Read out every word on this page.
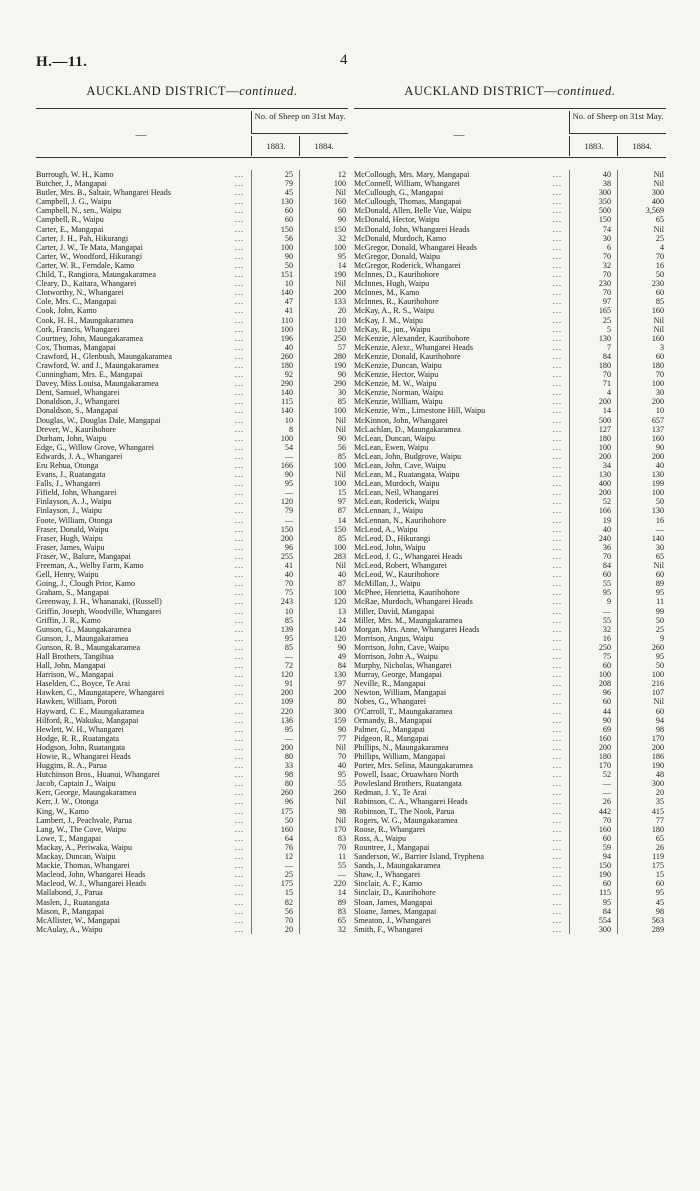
H.—11.	4
AUCKLAND DISTRICT—continued.
—
No. of Sheep on 31st May.
1883.	1884.
Burrough, W. H., Kamo	...	25	12
Butcher, J., Mangapai	...	79	100
Butler, Mrs. B., Saltair, Whangarei Heads	...	45	Nil
Campbell, J. G., Waipu	...	130	160
Campbell, N., sen., Waipu	...	60	60
Campbell, R., Waipu	...	60	90
Carter, E., Mangapai	...	150	150
Carter, J. H., Pah, Hikurangi	...	56	32
Carter, J. W., Te Mata, Mangapai	...	100	100
Carter, W., Woodford, Hikurangi	...	90	95
Carter, W. R., Ferndale, Kamo	...	50	14
Child, T., Rangiora, Maungakaramea	...	151	190
Cleary, D., Kaitara, Whangarei	...	10	Nil
Clotworthy, N., Whangarei	...	140	200
Cole, Mrs. C., Mangapai	...	47	133
Cook, John, Kamo	...	41	20
Cook, H. H., Maungakaramea	...	110	110
Cork, Francis, Whangarei	...	100	120
Courtney, John, Maungakaramea	...	196	250
Cox, Thomas, Mangapai	...	40	57
Crawford, H., Glenbush, Maungakaramea	...	260	280
Crawford, W. and J., Maungakaramea	...	180	190
Cunningham, Mrs. E., Mangapai	...	92	90
Davey, Miss Louisa, Maungakaramea	...	290	290
Dent, Samuel, Whangarei	...	140	30
Donaldson, J., Whangarei	...	115	85
Donaldson, S., Mangapai	...	140	100
Douglas, W., Douglas Dale, Mangapai	...	10	Nil
Drever, W., Kaurihohore	...	8	Nil
Durham, John, Waipu	...	100	90
Edge, G., Willow Grove, Whangarei	...	54	56
Edwards, J. A., Whangarei	...	—	85
Eru Rehua, Otonga	...	166	100
Evans, J., Ruatangata	...	90	Nil
Falls, J., Whangarei	...	95	100
Fifield, John, Whangarei	...	—	15
Finlayson, A. J., Waipu	...	120	97
Finlayson, J., Waipu	...	79	87
Foote, William, Otonga	...	—	14
Fraser, Donald, Waipu	...	150	150
Fraser, Hugh, Waipu	...	200	85
Fraser, James, Waipu	...	96	100
Fraser, W., Balure, Mangapai	...	255	283
Freeman, A., Welby Farm, Kamo	...	41	Nil
Gell, Henry, Waipu	...	40	40
Going, J., Clough Prior, Kamo	...	70	87
Graham, S., Mangapai	...	75	100
Greenway, J. H., Whananaki, (Russell)	...	243	120
Griffin, Joseph, Woodville, Whangarei	...	10	13
Griffin, J. R., Kamo	...	85	24
Gunson, G., Maungakaramea	...	139	140
Gunson, J., Maungakaramea	...	95	120
Gunson, R. B., Maungakaramea	...	85	90
Hall Brothers, Tangihua	...	—	49
Hall, John, Mangapai	...	72	84
Harrison, W., Mangapai	...	120	130
Haselden, C., Boyce, Te Arai	...	91	97
Hawken, C., Maungatapere, Whangarei	...	200	200
Hawken, William, Poroti	...	109	80
Hayward, C. E., Maungakaramea	...	220	300
Hilford, R., Wakuku, Mangapai	...	136	159
Hewlett, W. H., Whangarei	...	95	90
Hodge, R. R., Ruatangata	...	—	77
Hodgson, John, Ruatangata	...	200	Nil
Howie, R., Whangarei Heads	...	80	70
Huggins, R. A., Parua	...	33	40
Hutchinson Bros., Huanui, Whangarei	...	98	95
Jacob, Captain J., Waipu	...	80	55
Kerr, George, Maungakaramea	...	260	260
Kerr, J. W., Otonga	...	96	Nil
King, W., Kamo	...	175	98
Lambert, J., Peachvale, Parua	...	50	Nil
Lang, W., The Cove, Waipu	...	160	170
Lowe, T., Mangapai	...	64	83
Mackay, A., Periwaka, Waipu	...	76	70
Mackay, Duncan, Waipu	...	12	11
Mackie, Thomas, Whangarei	...	—	55
Macleod, John, Whangarei Heads	...	25	—
Macleod, W. J., Whangarei Heads	...	175	220
Mallabond, J., Parua	...	15	14
Maslen, J., Ruatangata	...	82	89
Mason, P., Mangapai	...	56	83
McAllister, W., Mangapai	...	70	65
McAulay, A., Waipu	...	20	32
AUCKLAND DISTRICT—continued.
—
No. of Sheep on 31st May.
1883.	1884.
McCollough, Mrs. Mary, Mangapai	...	40	Nil
McConnell, William, Whangarei	...	38	Nil
McCullough, G., Mangapai	...	300	300
McCullough, Thomas, Mangapai	...	350	400
McDonald, Allen, Belle Vue, Waipu	...	500	3,569
McDonald, Hector, Waipu	...	150	65
McDonald, John, Whangarei Heads	...	74	Nil
McDonald, Murdoch, Kamo	...	30	25
McGregor, Donald, Whangarei Heads	...	6	4
McGregor, Donald, Waipu	...	70	70
McGregor, Roderick, Whangarei	...	32	16
McInnes, D., Kaurihohore	...	70	50
McInnes, Hugh, Waipu	...	230	230
McInnes, M., Kamo	...	70	60
McInnes, R., Kaurihohore	...	97	85
McKay, A., R. S., Waipu	...	165	160
McKay, J. M., Waipu	...	25	Nil
McKay, R., jun., Waipu	...	5	Nil
McKenzie, Alexander, Kaurihohore	...	130	160
McKenzie, Alexr., Whangarei Heads	...	7	3
McKenzie, Donald, Kaurihohore	...	84	60
McKenzie, Duncan, Waipu	...	180	180
McKenzie, Hector, Waipu	...	70	70
McKenzie, M. W., Waipu	...	71	100
McKenzie, Norman, Waipu	...	4	30
McKenzie, William, Waipu	...	200	200
McKenzie, Wm., Limestone Hill, Waipu	...	14	10
McKinnon, John, Whangarei	...	500	657
McLachlan, D., Maungakaramea	...	127	137
McLean, Duncan, Waipu	...	180	160
McLean, Ewen, Waipu	...	100	90
McLean, John, Budgrove, Waipu	...	200	200
McLean, John, Cave, Waipu	...	34	40
McLean, M., Ruatangata, Waipu	...	130	130
McLean, Murdoch, Waipu	...	400	199
McLean, Neil, Whangarei	...	200	100
McLean, Roderick, Waipu	...	52	50
McLennan, J., Waipu	...	166	130
McLennan, N., Kaurihohore	...	19	16
McLeod, A., Waipu	...	40	—
McLeod, D., Hikurangi	...	240	140
McLeod, John, Waipu	...	36	30
McLeod, J. G., Whangarei Heads	...	70	65
McLeod, Robert, Whangarei	...	84	Nil
McLeod, W., Kaurihohore	...	60	60
McMillan, J., Waipu	...	55	89
McPhee, Henrietta, Kaurihohore	...	95	95
McRae, Murdoch, Whangarei Heads	...	9	11
Miller, David, Mangapai	...	—	99
Miller, Mrs. M., Maungakaramea	...	55	50
Morgan, Mrs. Anne, Whangarei Heads	...	32	25
Morrison, Angus, Waipu	...	16	9
Morrison, John, Cave, Waipu	...	250	260
Morrison, John A., Waipu	...	75	95
Murphy, Nicholas, Whangarei	...	60	50
Murray, George, Mangapai	...	100	100
Neville, R., Mangapai	...	208	216
Newton, William, Mangapai	...	96	107
Nobes, G., Whangarei	...	60	Nil
O'Carroll, T., Maungakaramea	...	44	60
Ormandy, B., Mangapai	...	90	94
Palmer, G., Mangapai	...	69	98
Pidgeon, R., Mangapai	...	160	170
Phillips, N., Maungakaramea	...	200	200
Phillips, William, Mangapai	...	180	186
Porter, Mrs. Selina, Maungakaramea	...	170	190
Powell, Isaac, Oruawharo North	...	52	48
Powlesland Brothers, Ruatangata	...	—	300
Redman, J. Y., Te Arai	...	—	20
Robinson, C. A., Whangarei Heads	...	26	35
Robinson, T., The Nook, Parua	...	442	415
Rogers, W. G., Maungakaramea	...	70	77
Roose, R., Whangarei	...	160	180
Ross, A., Waipu	...	60	65
Rountree, J., Mangapai	...	59	26
Sanderson, W., Barrier Island, Tryphena	...	94	119
Sands, J., Maungakaramea	...	150	175
Shaw, J., Whangarei	...	190	15
Sinclair, A. F., Kamo	...	60	60
Sinclair, D., Kaurihohore	...	115	95
Sloan, James, Mangapai	...	95	45
Sloane, James, Mangapai	...	84	98
Smeaton, J., Whangarei	...	554	563
Smith, F., Whangarei	...	300	289
